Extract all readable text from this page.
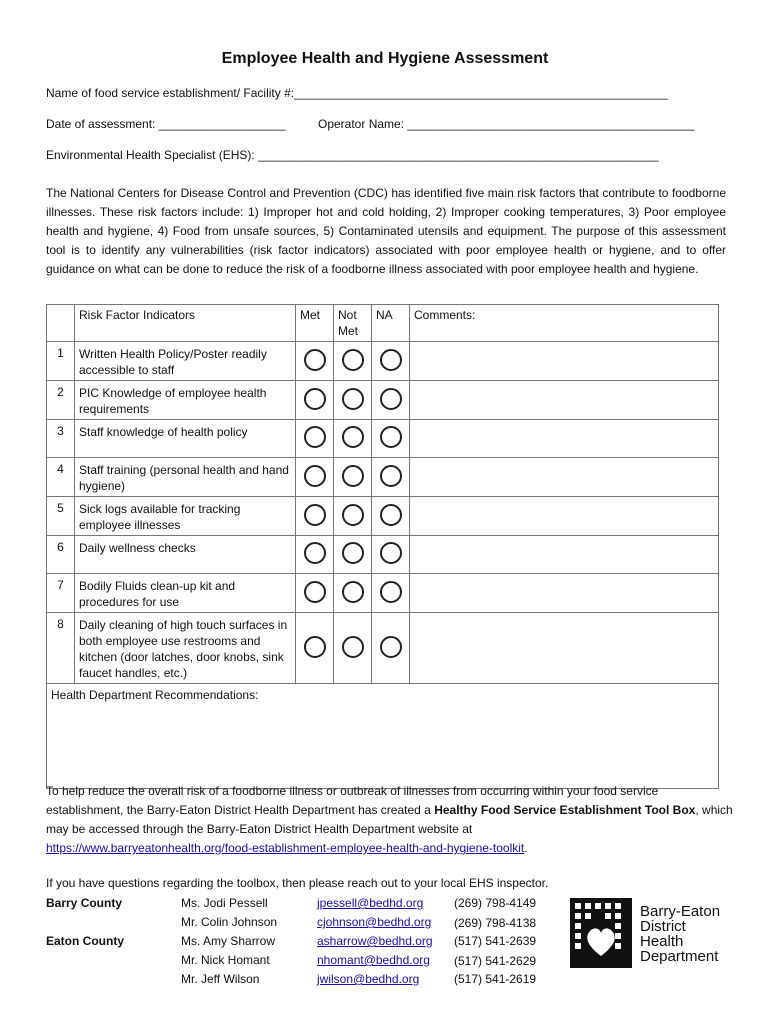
Employee Health and Hygiene Assessment
Name of food service establishment/ Facility #:________________________________________________________
Date of assessment: ___________________	Operator Name: ___________________________________________
Environmental Health Specialist (EHS): ____________________________________________________________
The National Centers for Disease Control and Prevention (CDC) has identified five main risk factors that contribute to foodborne illnesses. These risk factors include: 1) Improper hot and cold holding, 2) Improper cooking temperatures, 3) Poor employee health and hygiene, 4) Food from unsafe sources, 5) Contaminated utensils and equipment. The purpose of this assessment tool is to identify any vulnerabilities (risk factor indicators) associated with poor employee health or hygiene, and to offer guidance on what can be done to reduce the risk of a foodborne illness associated with poor employee health and hygiene.
	Risk Factor Indicators	Met	Not Met	NA	Comments:
1	Written Health Policy/Poster readily accessible to staff				
2	PIC Knowledge of employee health requirements				
3	Staff knowledge of health policy				
4	Staff training (personal health and hand hygiene)				
5	Sick logs available for tracking employee illnesses				
6	Daily wellness checks				
7	Bodily Fluids clean-up kit and procedures for use				
8	Daily cleaning of high touch surfaces in both employee use restrooms and kitchen (door latches, door knobs, sink faucet handles, etc.)				
Health Department Recommendations:					
To help reduce the overall risk of a foodborne illness or outbreak of illnesses from occurring within your food service establishment, the Barry-Eaton District Health Department has created a Healthy Food Service Establishment Tool Box, which may be accessed through the Barry-Eaton District Health Department website at
https://www.barryeatonhealth.org/food-establishment-employee-health-and-hygiene-toolkit.
If you have questions regarding the toolbox, then please reach out to your local EHS inspector.
Barry County	Ms. Jodi Pessell	jpessell@bedhd.org	(269) 798-4149
Mr. Colin Johnson	cjohnson@bedhd.org (269) 798-4138
Eaton County	Ms. Amy Sharrow	asharrow@bedhd.org (517) 541-2639
Mr. Nick Homant	nhomant@bedhd.org (517) 541-2629
Mr. Jeff Wilson	jwilson@bedhd.org	(517) 541-2619
Barry-Eaton
District
Health
Department
